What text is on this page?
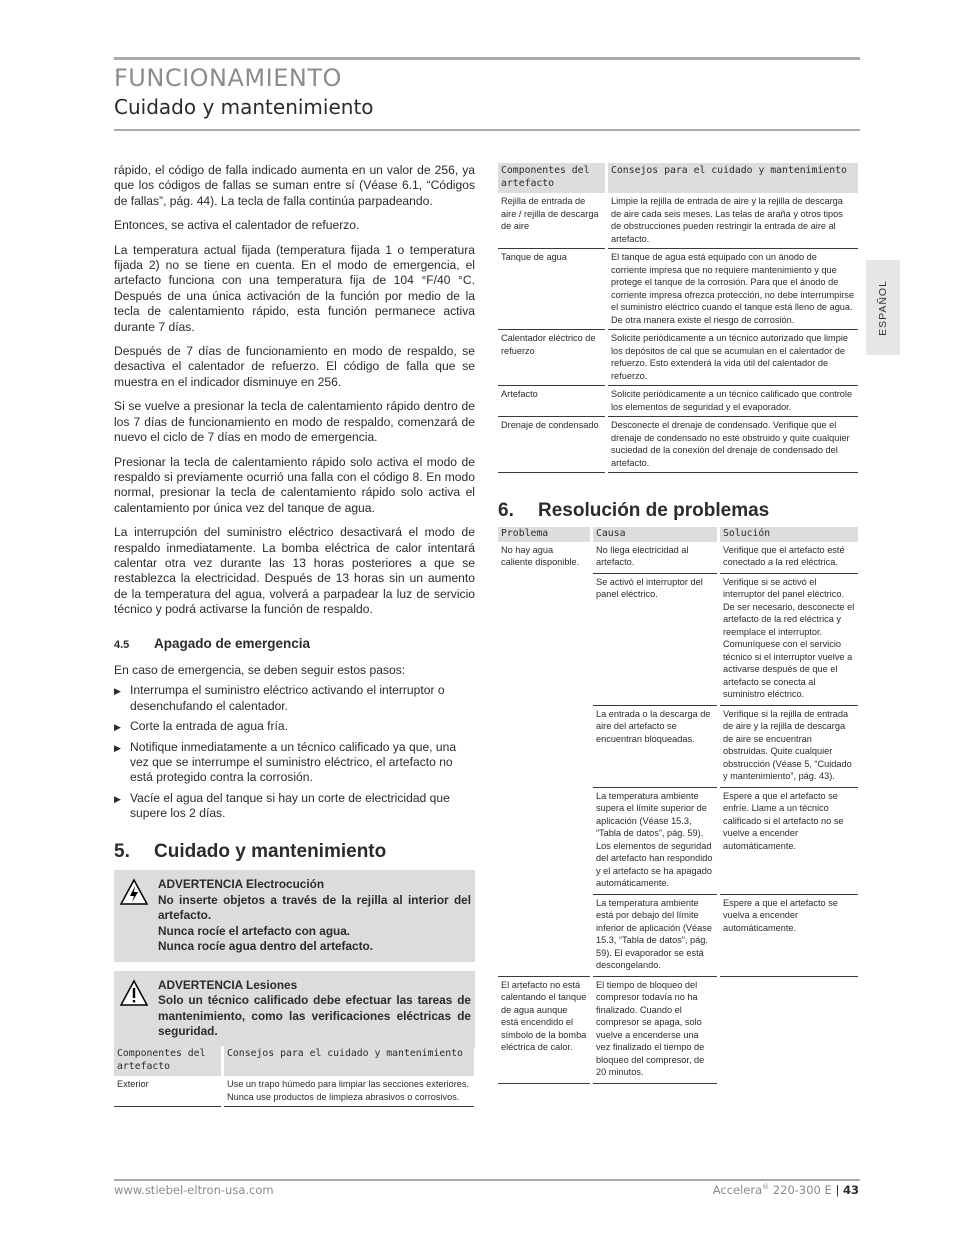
FUNCIONAMIENTO
Cuidado y mantenimiento
ESPAÑOL

rápido, el código de falla indicado aumenta en un valor de 256, ya que los códigos de fallas se suman entre sí (Véase 6.1, “Códigos de fallas”, pág. 44). La tecla de falla continúa parpadeando.

Entonces, se activa el calentador de refuerzo.

La temperatura actual fijada (temperatura fijada 1 o temperatura fijada 2) no se tiene en cuenta. En el modo de emergencia, el artefacto funciona con una temperatura fija de 104 °F/40 °C. Después de una única activación de la función por medio de la tecla de calentamiento rápido, esta función permanece activa durante 7 días.

Después de 7 días de funcionamiento en modo de respaldo, se desactiva el calentador de refuerzo. El código de falla que se muestra en el indicador disminuye en 256.

Si se vuelve a presionar la tecla de calentamiento rápido dentro de los 7 días de funcionamiento en modo de respaldo, comenzará de nuevo el ciclo de 7 días en modo de emergencia.

Presionar la tecla de calentamiento rápido solo activa el modo de respaldo si previamente ocurrió una falla con el código 8. En modo normal, presionar la tecla de calentamiento rápido solo activa el calentamiento por única vez del tanque de agua.

La interrupción del suministro eléctrico desactivará el modo de respaldo inmediatamente. La bomba eléctrica de calor intentará calentar otra vez durante las 13 horas posteriores a que se restablezca la electricidad. Después de 13 horas sin un aumento de la temperatura del agua, volverá a parpadear la luz de servicio técnico y podrá activarse la función de respaldo.

4.5 Apagado de emergencia

En caso de emergencia, se deben seguir estos pasos:

▶ Interrumpa el suministro eléctrico activando el interruptor o desenchufando el calentador.
▶ Corte la entrada de agua fría.
▶ Notifique inmediatamente a un técnico calificado ya que, una vez que se interrumpe el suministro eléctrico, el artefacto no está protegido contra la corrosión.
▶ Vacíe el agua del tanque si hay un corte de electricidad que supere los 2 días.
5. Cuidado y mantenimiento
ADVERTENCIA Electrocución
No inserte objetos a través de la rejilla al interior del artefacto.
Nunca rocíe el artefacto con agua.
Nunca rocíe agua dentro del artefacto.
ADVERTENCIA Lesiones
Solo un técnico calificado debe efectuar las tareas de mantenimiento, como las verificaciones eléctricas de seguridad.
Componentes del artefacto	Consejos para el cuidado y mantenimiento
Exterior	Use un trapo húmedo para limpiar las secciones exteriores. Nunca use productos de limpieza abrasivos o corrosivos.
Componentes del artefacto	Consejos para el cuidado y mantenimiento
Rejilla de entrada de aire / rejilla de descarga de aire	Limpie la rejilla de entrada de aire y la rejilla de descarga de aire cada seis meses. Las telas de araña y otros tipos de obstrucciones pueden restringir la entrada de aire al artefacto.
Tanque de agua	El tanque de agua está equipado con un ánodo de corriente impresa que no requiere mantenimiento y que protege el tanque de la corrosión. Para que el ánodo de corriente impresa ofrezca protección, no debe interrumpirse el suministro eléctrico cuando el tanque está lleno de agua. De otra manera existe el riesgo de corrosión.
Calentador eléctrico de refuerzo	Solicite periódicamente a un técnico autorizado que limpie los depósitos de cal que se acumulan en el calentador de refuerzo. Esto extenderá la vida útil del calentador de refuerzo.
Artefacto	Solicite periódicamente a un técnico calificado que controle los elementos de seguridad y el evaporador.
Drenaje de condensado	Desconecte el drenaje de condensado. Verifique que el drenaje de condensado no esté obstruido y quite cualquier suciedad de la conexión del drenaje de condensado del artefacto.
6. Resolución de problemas
Problema	Causa	Solución
No hay agua caliente disponible.	No llega electricidad al artefacto.	Verifique que el artefacto esté conectado a la red eléctrica.
	Se activó el interruptor del panel eléctrico.	Verifique si se activó el interruptor del panel eléctrico. De ser necesario, desconecte el artefacto de la red eléctrica y reemplace el interruptor. Comuníquese con el servicio técnico si el interruptor vuelve a activarse después de que el artefacto se conecta al suministro eléctrico.
	La entrada o la descarga de aire del artefacto se encuentran bloqueadas.	Verifique si la rejilla de entrada de aire y la rejilla de descarga de aire se encuentran obstruidas. Quite cualquier obstrucción (Véase 5, “Cuidado y mantenimiento”, pág. 43).
	La temperatura ambiente supera el límite superior de aplicación (Véase 15.3, “Tabla de datos”, pág. 59). Los elementos de seguridad del artefacto han respondido y el artefacto se ha apagado automáticamente.	Espere a que el artefacto se enfríe. Llame a un técnico calificado si el artefacto no se vuelve a encender automáticamente.
	La temperatura ambiente está por debajo del límite inferior de aplicación (Véase 15.3, “Tabla de datos”, pág. 59). El evaporador se está descongelando.	Espere a que el artefacto se vuelva a encender automáticamente.
El artefacto no está calentando el tanque de agua aunque está encendido el símbolo de la bomba eléctrica de calor.	El tiempo de bloqueo del compresor todavía no ha finalizado. Cuando el compresor se apaga, solo vuelve a encenderse una vez finalizado el tiempo de bloqueo del compresor, de 20 minutos.	
www.stiebel-eltron-usa.com	Accelera® 220-300 E | 43
